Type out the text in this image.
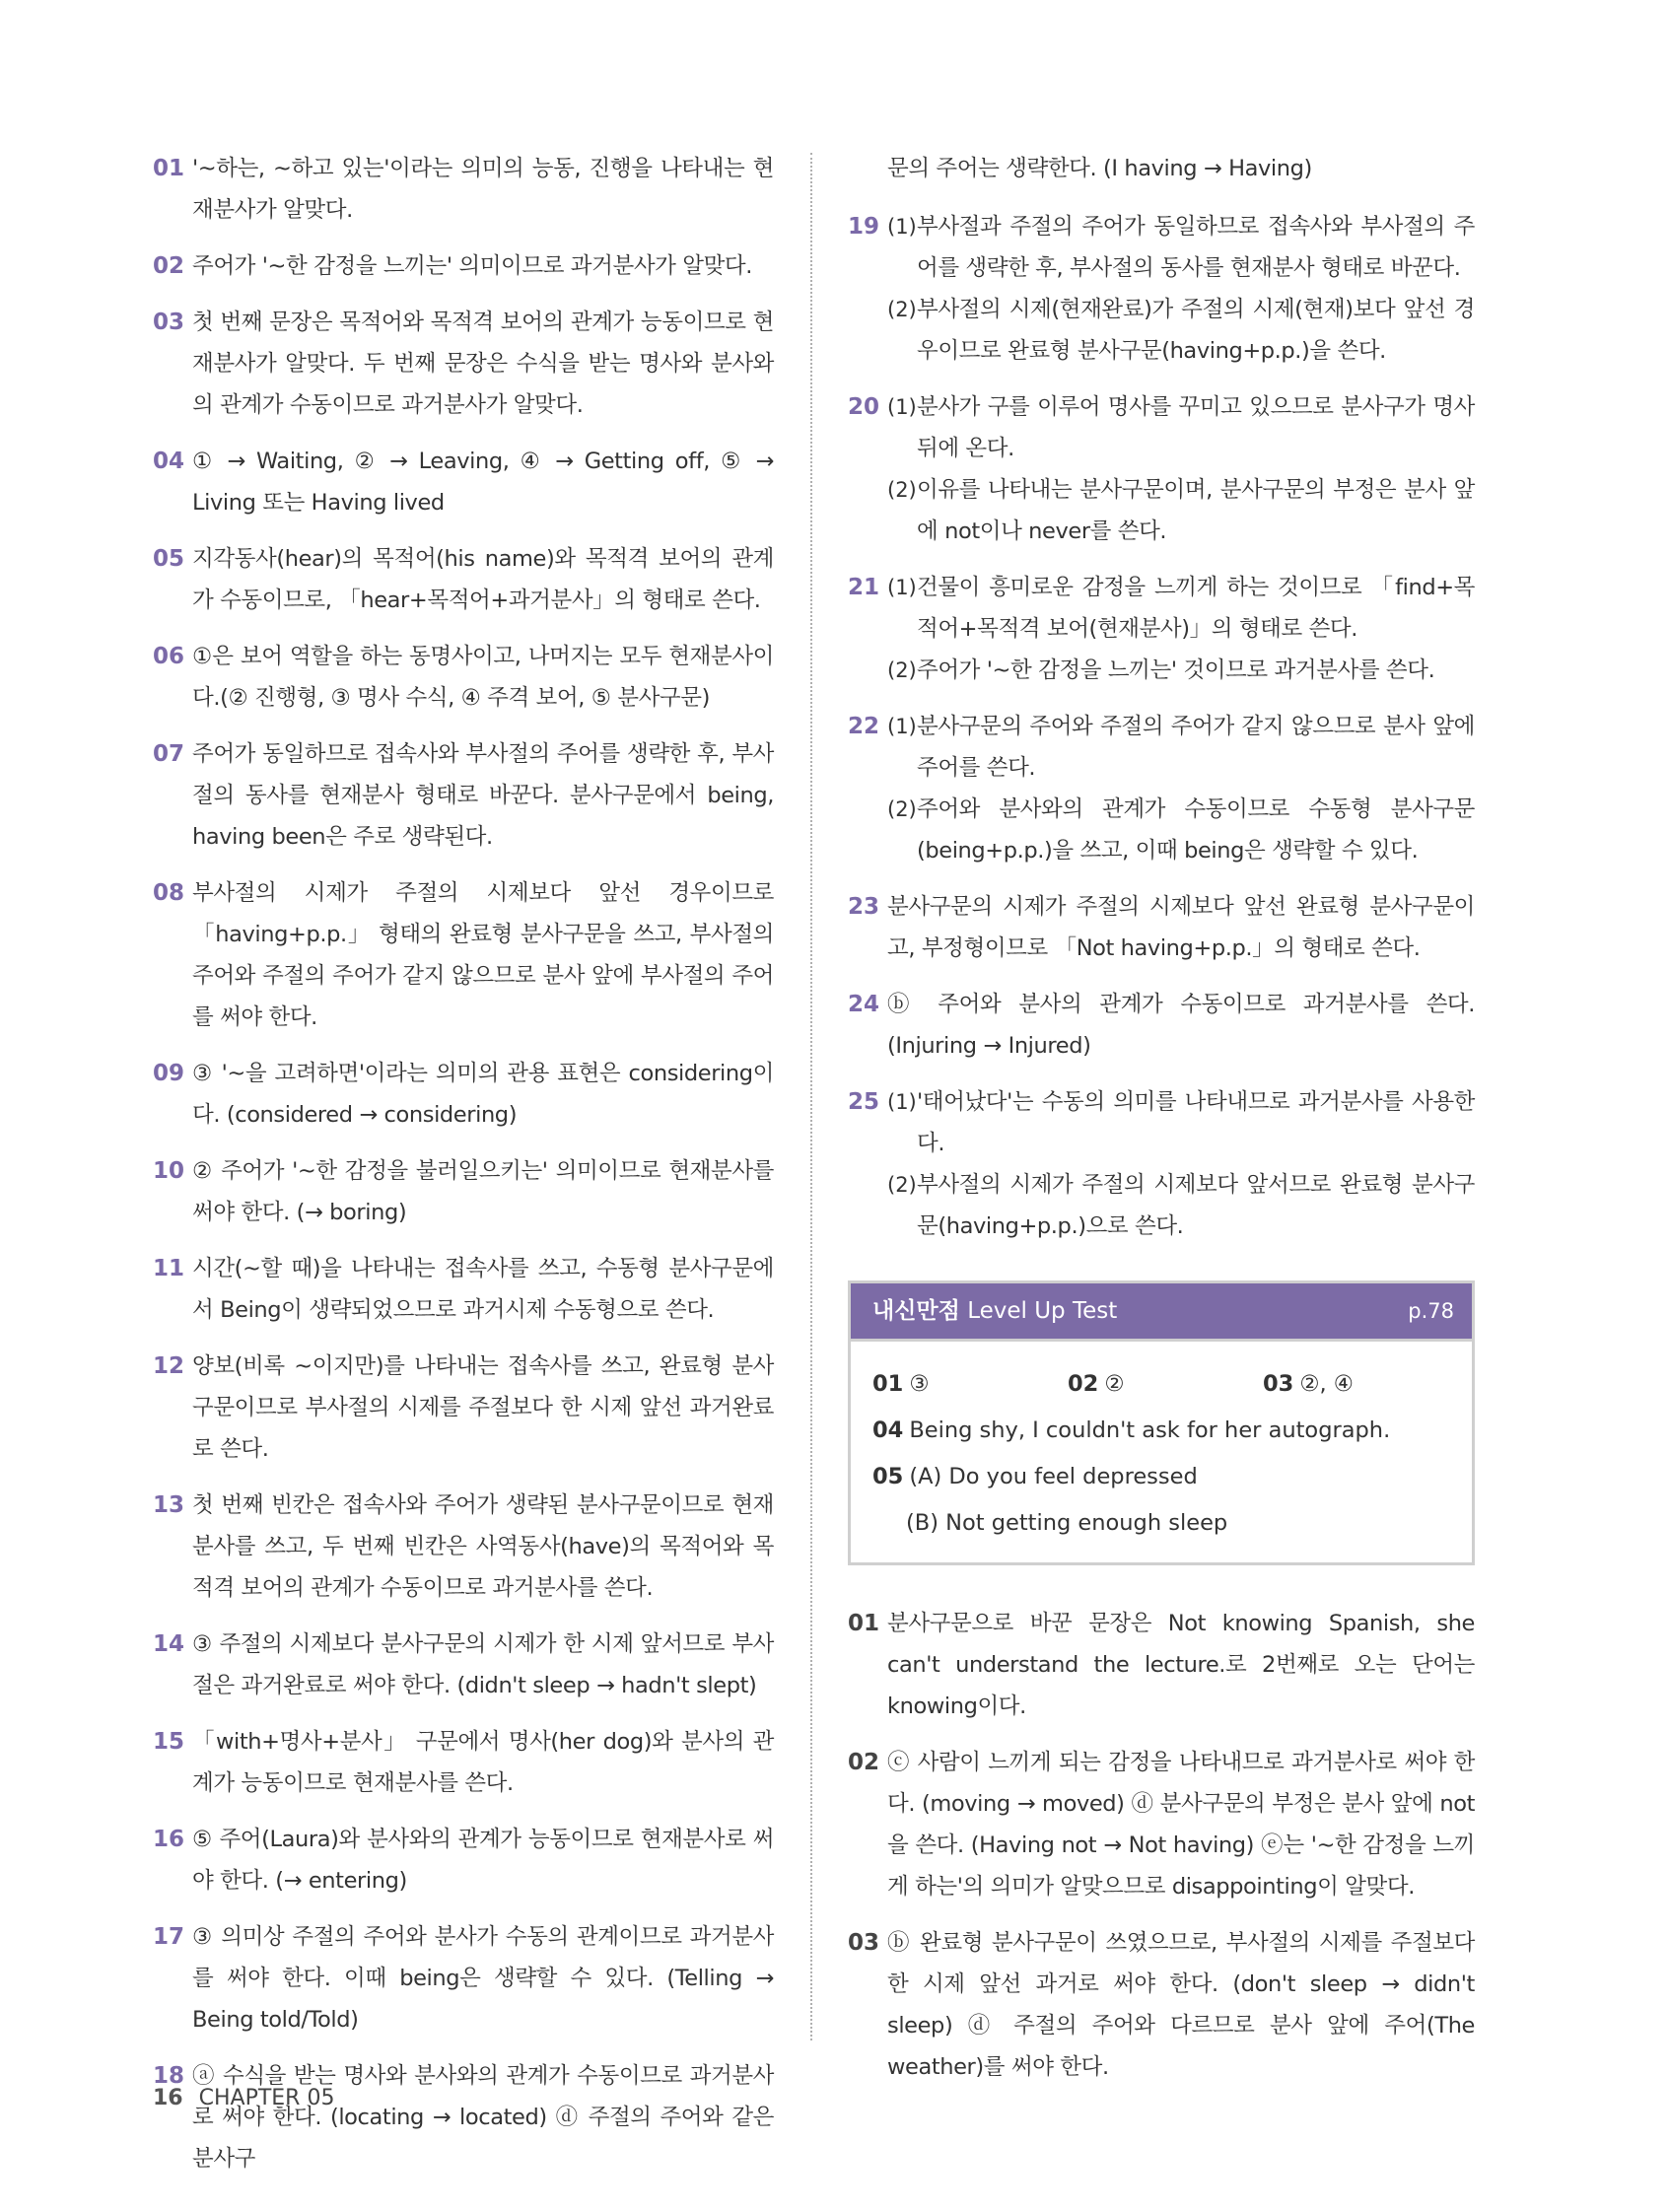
01 '~하는, ~하고 있는'이라는 의미의 능동, 진행을 나타내는 현재분사가 알맞다.
02 주어가 '~한 감정을 느끼는' 의미이므로 과거분사가 알맞다.
03 첫 번째 문장은 목적어와 목적격 보어의 관계가 능동이므로 현재분사가 알맞다. 두 번째 문장은 수식을 받는 명사와 분사와의 관계가 수동이므로 과거분사가 알맞다.
04 ① → Waiting, ② → Leaving, ④ → Getting off, ⑤ → Living 또는 Having lived
05 지각동사(hear)의 목적어(his name)와 목적격 보어의 관계가 수동이므로, 「hear+목적어+과거분사」의 형태로 쓴다.
06 ①은 보어 역할을 하는 동명사이고, 나머지는 모두 현재분사이다.(② 진행형, ③ 명사 수식, ④ 주격 보어, ⑤ 분사구문)
07 주어가 동일하므로 접속사와 부사절의 주어를 생략한 후, 부사절의 동사를 현재분사 형태로 바꾼다. 분사구문에서 being, having been은 주로 생략된다.
08 부사절의 시제가 주절의 시제보다 앞선 경우이므로 「having+p.p.」 형태의 완료형 분사구문을 쓰고, 부사절의 주어와 주절의 주어가 같지 않으므로 분사 앞에 부사절의 주어를 써야 한다.
09 ③ '~을 고려하면'이라는 의미의 관용 표현은 considering이다. (considered → considering)
10 ② 주어가 '~한 감정을 불러일으키는' 의미이므로 현재분사를 써야 한다. (→ boring)
11 시간(~할 때)을 나타내는 접속사를 쓰고, 수동형 분사구문에서 Being이 생략되었으므로 과거시제 수동형으로 쓴다.
12 양보(비록 ~이지만)를 나타내는 접속사를 쓰고, 완료형 분사구문이므로 부사절의 시제를 주절보다 한 시제 앞선 과거완료로 쓴다.
13 첫 번째 빈칸은 접속사와 주어가 생략된 분사구문이므로 현재분사를 쓰고, 두 번째 빈칸은 사역동사(have)의 목적어와 목적격 보어의 관계가 수동이므로 과거분사를 쓴다.
14 ③ 주절의 시제보다 분사구문의 시제가 한 시제 앞서므로 부사절은 과거완료로 써야 한다. (didn't sleep → hadn't slept)
15 「with+명사+분사」 구문에서 명사(her dog)와 분사의 관계가 능동이므로 현재분사를 쓴다.
16 ⑤ 주어(Laura)와 분사와의 관계가 능동이므로 현재분사로 써야 한다. (→ entering)
17 ③ 의미상 주절의 주어와 분사가 수동의 관계이므로 과거분사를 써야 한다. 이때 being은 생략할 수 있다. (Telling → Being told/Told)
18 ⓐ 수식을 받는 명사와 분사와의 관계가 수동이므로 과거분사로 써야 한다. (locating → located) ⓓ 주절의 주어와 같은 분사구
문의 주어는 생략한다. (I having → Having)
19 (1) 부사절과 주절의 주어가 동일하므로 접속사와 부사절의 주어를 생략한 후, 부사절의 동사를 현재분사 형태로 바꾼다.
(2) 부사절의 시제(현재완료)가 주절의 시제(현재)보다 앞선 경우이므로 완료형 분사구문(having+p.p.)을 쓴다.
20 (1) 분사가 구를 이루어 명사를 꾸미고 있으므로 분사구가 명사 뒤에 온다.
(2) 이유를 나타내는 분사구문이며, 분사구문의 부정은 분사 앞에 not이나 never를 쓴다.
21 (1) 건물이 흥미로운 감정을 느끼게 하는 것이므로 「find+목적어+목적격 보어(현재분사)」의 형태로 쓴다.
(2) 주어가 '~한 감정을 느끼는' 것이므로 과거분사를 쓴다.
22 (1) 분사구문의 주어와 주절의 주어가 같지 않으므로 분사 앞에 주어를 쓴다.
(2) 주어와 분사와의 관계가 수동이므로 수동형 분사구문(being+p.p.)을 쓰고, 이때 being은 생략할 수 있다.
23 분사구문의 시제가 주절의 시제보다 앞선 완료형 분사구문이고, 부정형이므로 「Not having+p.p.」의 형태로 쓴다.
24 ⓑ 주어와 분사의 관계가 수동이므로 과거분사를 쓴다. (Injuring → Injured)
25 (1) '태어났다'는 수동의 의미를 나타내므로 과거분사를 사용한다.
(2) 부사절의 시제가 주절의 시제보다 앞서므로 완료형 분사구문(having+p.p.)으로 쓴다.
내신만점 Level Up Test	p.78
01 ③	02 ②	03 ②, ④
04 Being shy, I couldn't ask for her autograph.
05 (A) Do you feel depressed
(B) Not getting enough sleep
01 분사구문으로 바꾼 문장은 Not knowing Spanish, she can't understand the lecture.로 2번째로 오는 단어는 knowing이다.
02 ⓒ 사람이 느끼게 되는 감정을 나타내므로 과거분사로 써야 한다. (moving → moved) ⓓ 분사구문의 부정은 분사 앞에 not을 쓴다. (Having not → Not having) ⓔ는 '~한 감정을 느끼게 하는'의 의미가 알맞으므로 disappointing이 알맞다.
03 ⓑ 완료형 분사구문이 쓰였으므로, 부사절의 시제를 주절보다 한 시제 앞선 과거로 써야 한다. (don't sleep → didn't sleep) ⓓ 주절의 주어와 다르므로 분사 앞에 주어(The weather)를 써야 한다.
16 CHAPTER 05
